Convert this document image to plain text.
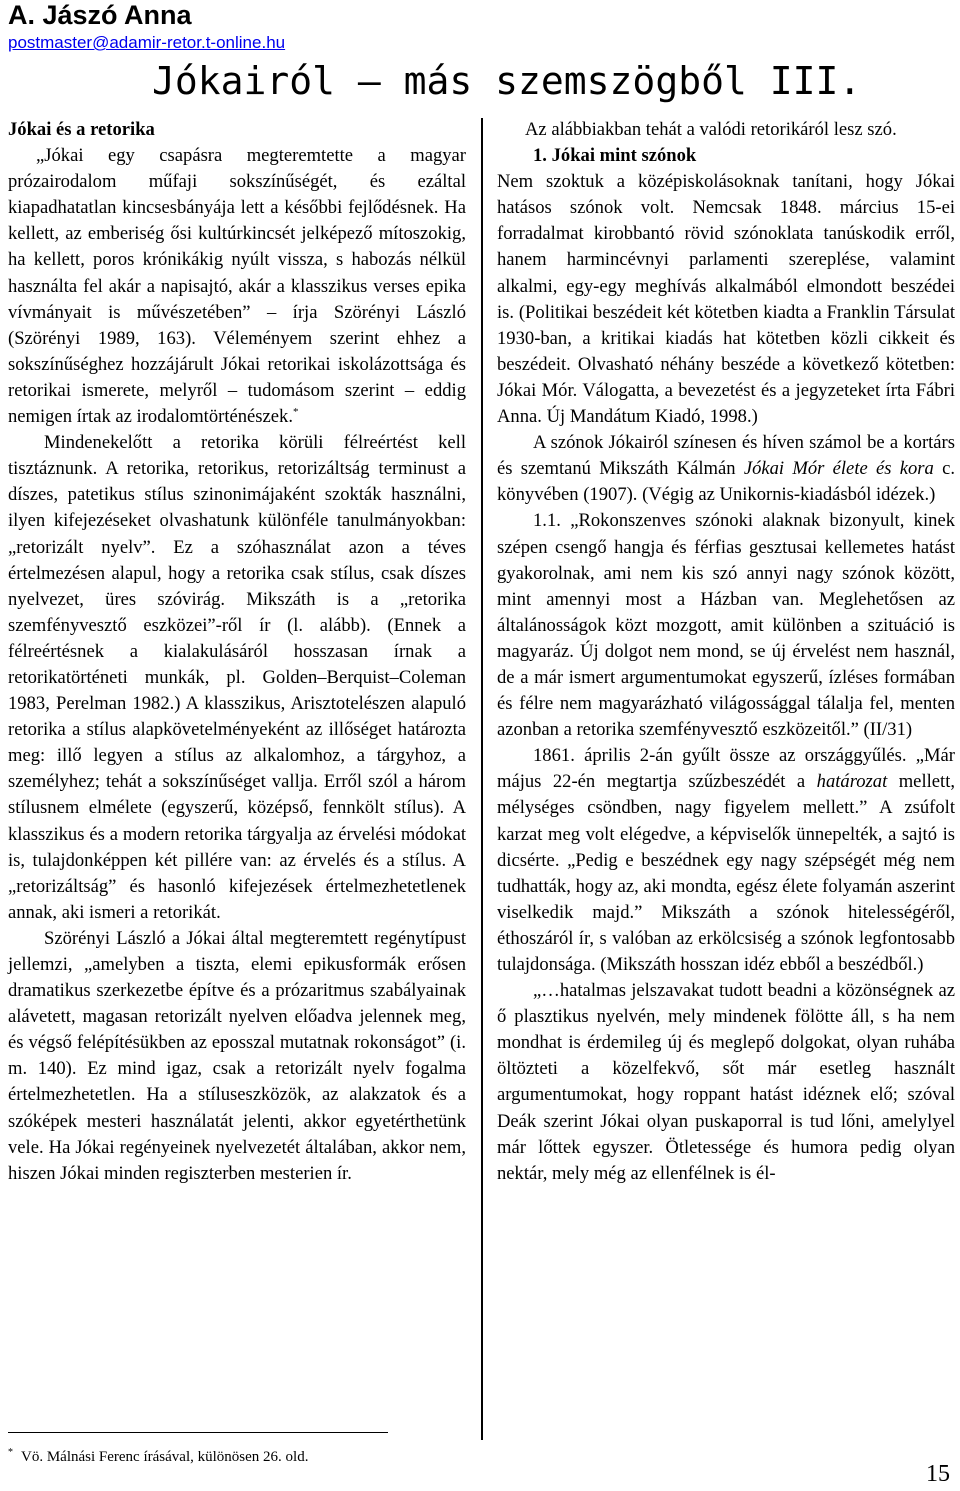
A. Jászó Anna
postmaster@adamir-retor.t-online.hu
Jókairól – más szemszögből III.

Jókai és a retorika

„Jókai egy csapásra megteremtette a magyar prózairodalom műfaji sokszínűségét, és ezáltal kiapadhatatlan kincsesbányája lett a későbbi fejlődésnek. Ha kellett, az emberiség ősi kultúrkincsét jelképező mítoszokig, ha kellett, poros krónikákig nyúlt vissza, s habozás nélkül használta fel akár a napisajtó, akár a klasszikus verses epika vívmányait is művészetében” – írja Szörényi László (Szörényi 1989, 163). Véleményem szerint ehhez a sokszínűséghez hozzájárult Jókai retorikai iskolázottsága és retorikai ismerete, melyről – tudomásom szerint – eddig nemigen írtak az irodalomtörténészek.*

Mindenekelőtt a retorika körüli félreértést kell tisztáznunk. A retorika, retorikus, retorizáltság terminust a díszes, patetikus stílus szinonimájaként szokták használni, ilyen kifejezéseket olvashatunk különféle tanulmányokban: „retorizált nyelv”. Ez a szóhasználat azon a téves értelmezésen alapul, hogy a retorika csak stílus, csak díszes nyelvezet, üres szóvirág. Mikszáth is a „retorika szemfényvesztő eszközei”-ről ír (l. alább). (Ennek a félreértésnek a kialakulásáról hosszasan írnak a retorikatörténeti munkák, pl. Golden–Berquist–Coleman 1983, Perelman 1982.) A klasszikus, Arisztotelészen alapuló retorika a stílus alapkövetelményeként az illőséget határozta meg: illő legyen a stílus az alkalomhoz, a tárgyhoz, a személyhez; tehát a sokszínűséget vallja. Erről szól a három stílusnem elmélete (egyszerű, középső, fennkölt stílus). A klasszikus és a modern retorika tárgyalja az érvelési módokat is, tulajdonképpen két pillére van: az érvelés és a stílus. A „retorizáltság” és hasonló kifejezések értelmezhetetlenek annak, aki ismeri a retorikát.

Szörényi László a Jókai által megteremtett regénytípust jellemzi, „amelyben a tiszta, elemi epikusformák erősen dramatikus szerkezetbe építve és a prózaritmus szabályainak alávetett, magasan retorizált nyelven előadva jelennek meg, és végső felépítésükben az eposszal mutatnak rokonságot” (i. m. 140). Ez mind igaz, csak a retorizált nyelv fogalma értelmezhetetlen. Ha a stíluseszközök, az alakzatok és a szóképek mesteri használatát jelenti, akkor egyetérthetünk vele. Ha Jókai regényeinek nyelvezetét általában, akkor nem, hiszen Jókai minden regiszterben mesterien ír.

Az alábbiakban tehát a valódi retorikáról lesz szó.

1. Jókai mint szónok

Nem szoktuk a középiskolásoknak tanítani, hogy Jókai hatásos szónok volt. Nemcsak 1848. március 15-ei forradalmat kirobbantó rövid szónoklata tanúskodik erről, hanem harmincévnyi parlamenti szereplése, valamint alkalmi, egy-egy meghívás alkalmából elmondott beszédei is. (Politikai beszédeit két kötetben kiadta a Franklin Társulat 1930-ban, a kritikai kiadás hat kötetben közli cikkeit és beszédeit. Olvasható néhány beszéde a következő kötetben: Jókai Mór. Válogatta, a bevezetést és a jegyzeteket írta Fábri Anna. Új Mandátum Kiadó, 1998.)

A szónok Jókairól színesen és híven számol be a kortárs és szemtanú Mikszáth Kálmán Jókai Mór élete és kora c. könyvében (1907). (Végig az Unikornis-kiadásból idézek.)

1.1. „Rokonszenves szónoki alaknak bizonyult, kinek szépen csengő hangja és férfias gesztusai kellemetes hatást gyakorolnak, ami nem kis szó annyi nagy szónok között, mint amennyi most a Házban van. Meglehetősen az általánosságok közt mozgott, amit különben a szituáció is magyaráz. Új dolgot nem mond, se új érvelést nem használ, de a már ismert argumentumokat egyszerű, ízléses formában és félre nem magyarázható világossággal tálalja fel, menten azonban a retorika szemfényvesztő eszközeitől.” (II/31)

1861. április 2-án gyűlt össze az országgyűlés. „Már május 22-én megtartja szűzbeszédét a határozat mellett, mélységes csöndben, nagy figyelem mellett.” A zsúfolt karzat meg volt elégedve, a képviselők ünnepelték, a sajtó is dicsérte. „Pedig e beszédnek egy nagy szépségét még nem tudhatták, hogy az, aki mondta, egész élete folyamán aszerint viselkedik majd.” Mikszáth a szónok hitelességéről, éthoszáról ír, s valóban az erkölcsiség a szónok legfontosabb tulajdonsága. (Mikszáth hosszan idéz ebből a beszédből.)

„…hatalmas jelszavakat tudott beadni a közönségnek az ő plasztikus nyelvén, mely mindenek fölötte áll, s ha nem mondhat is érdemileg új és meglepő dolgokat, olyan ruhába öltözteti a közelfekvő, sőt már esetleg használt argumentumokat, hogy roppant hatást idéznek elő; szóval Deák szerint Jókai olyan puskaporral is tud lőni, amelylyel már lőttek egyszer. Ötletessége és humora pedig olyan nektár, mely még az ellenfélnek is él-

* Vö. Málnási Ferenc írásával, különösen 26. old.
15
